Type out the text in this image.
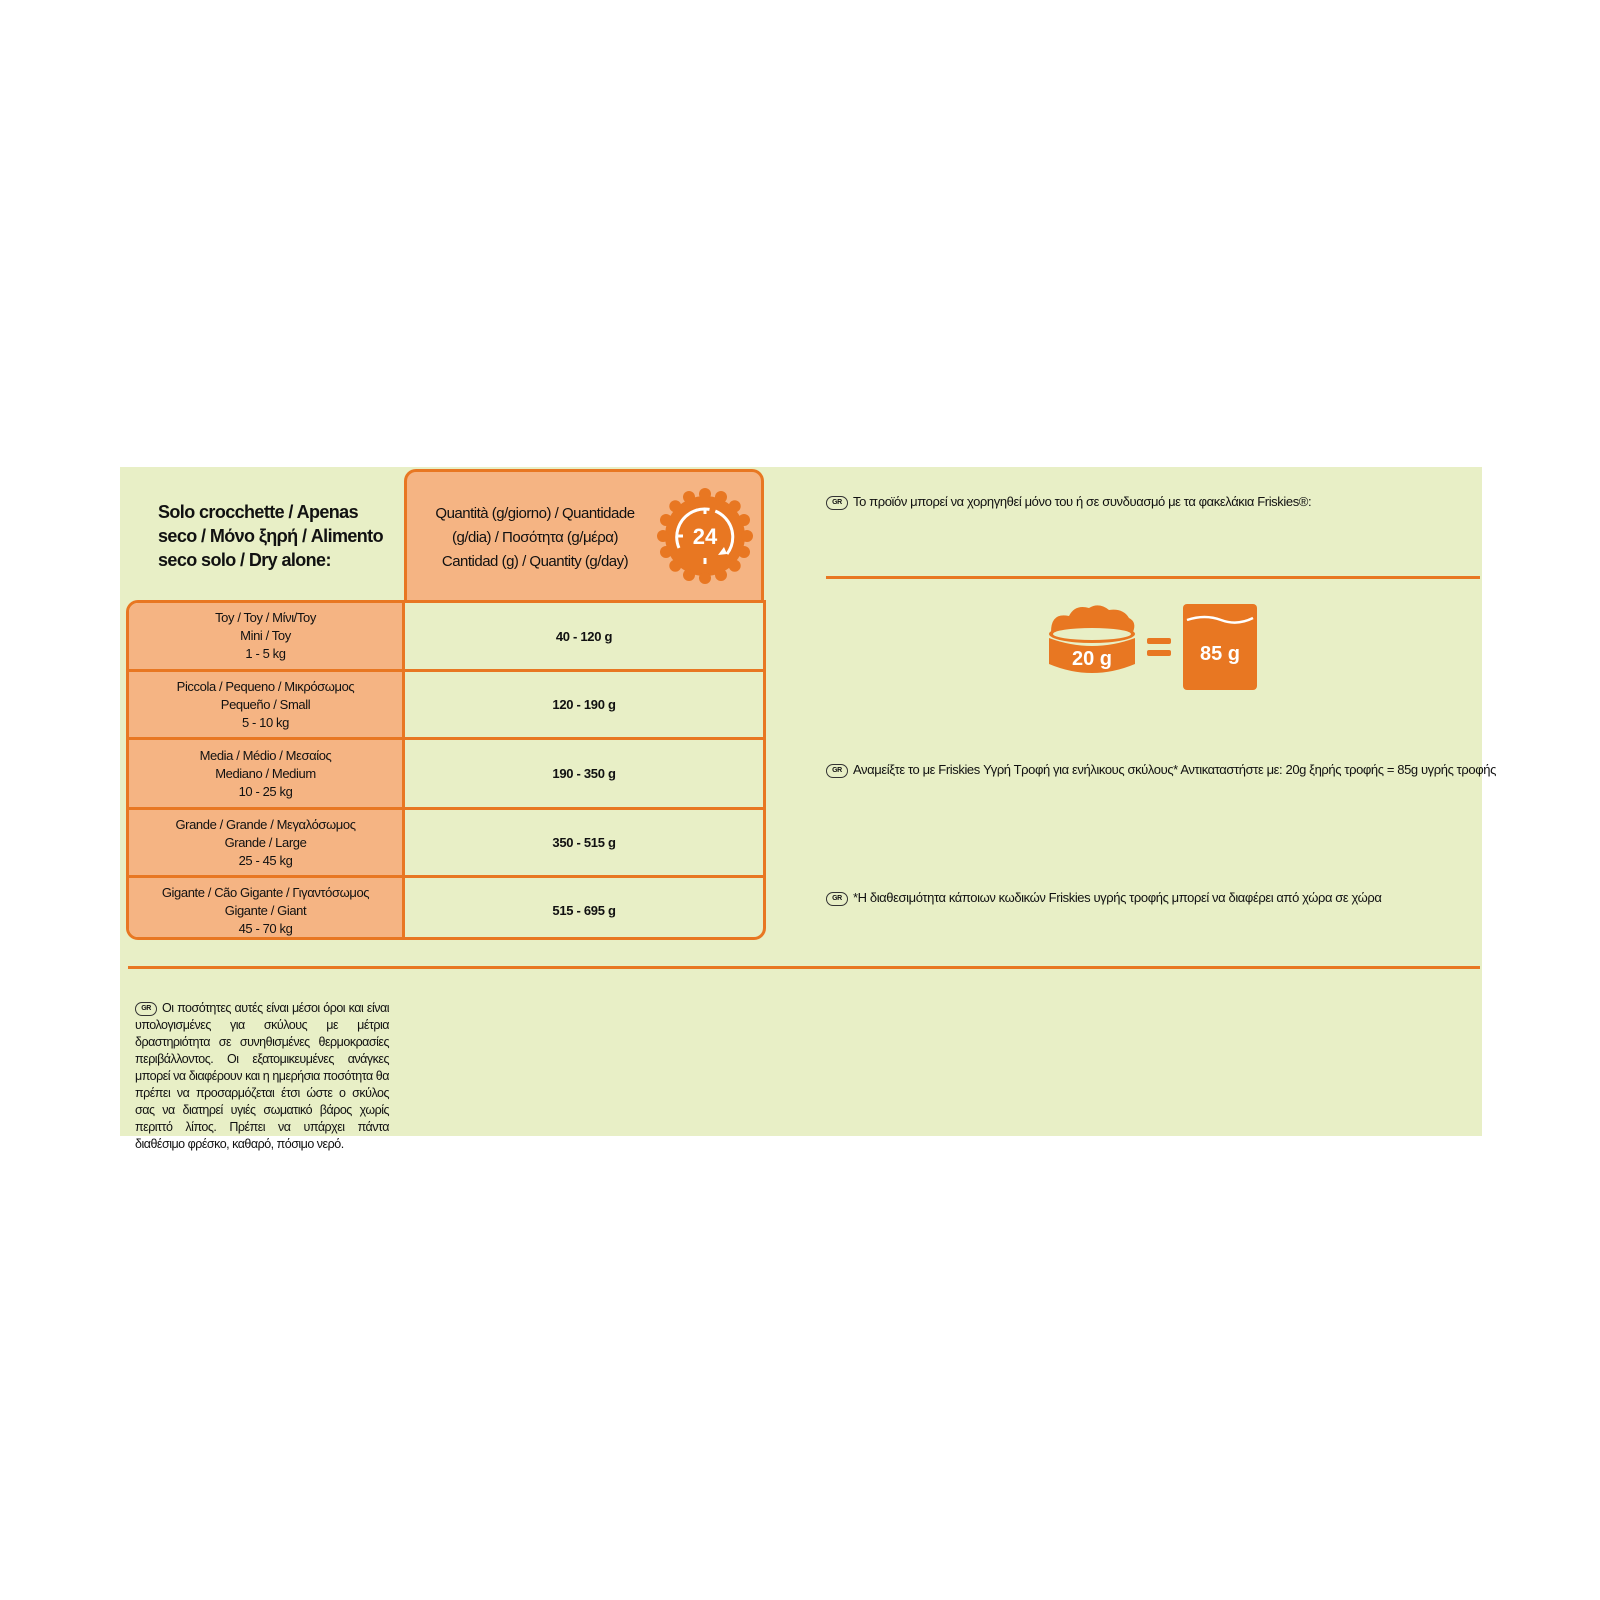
Solo crocchette / Apenas seco / Μόνο ξηρή / Alimento seco solo / Dry alone:
Quantità (g/giorno) / Quantidade (g/dia) / Ποσότητα (g/μέρα) Cantidad (g) / Quantity (g/day)
24
Toy / Toy / Μίνι/Toy
Mini / Toy
1 - 5 kg
40 - 120 g
Piccola / Pequeno / Μικρόσωμος
Pequeño / Small
5 - 10 kg
120 - 190 g
Media / Médio / Μεσαίος
Mediano / Medium
10 - 25 kg
190 - 350 g
Grande / Grande / Μεγαλόσωμος
Grande / Large
25 - 45 kg
350 - 515 g
Gigante / Cão Gigante / Γιγαντόσωμος
Gigante / Giant
45 - 70 kg
515 - 695 g
GR Το προϊόν μπορεί να χορηγηθεί μόνο του ή σε συνδυασμό με τα φακελάκια Friskies®:
20 g	85 g
GR Αναμείξτε το με Friskies Υγρή Τροφή για ενήλικους σκύλους* Αντικαταστήστε με: 20g ξηρής τροφής = 85g υγρής τροφής
GR *Η διαθεσιμότητα κάποιων κωδικών Friskies υγρής τροφής μπορεί να διαφέρει από χώρα σε χώρα
GR Οι ποσότητες αυτές είναι μέσοι όροι και είναι υπολογισμένες για σκύλους με μέτρια δραστηριότητα σε συνηθισμένες θερμοκρασίες περιβάλλοντος. Οι εξατομικευμένες ανάγκες μπορεί να διαφέρουν και η ημερήσια ποσότητα θα πρέπει να προσαρμόζεται έτσι ώστε ο σκύλος σας να διατηρεί υγιές σωματικό βάρος χωρίς περιττό λίπος. Πρέπει να υπάρχει πάντα διαθέσιμο φρέσκο, καθαρό, πόσιμο νερό.
